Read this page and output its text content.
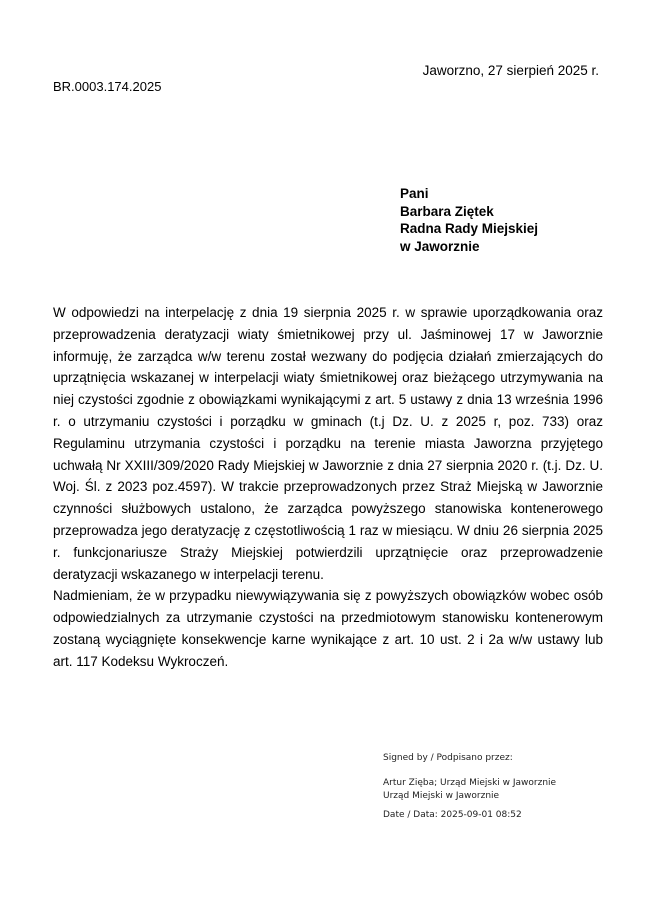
Jaworzno, 27 sierpień 2025 r.
BR.0003.174.2025
Pani
Barbara Ziętek
Radna Rady Miejskiej
w Jaworznie

W odpowiedzi na interpelację z dnia 19 sierpnia 2025 r. w sprawie uporządkowania oraz przeprowadzenia deratyzacji wiaty śmietnikowej przy ul. Jaśminowej 17 w Jaworznie informuję, że zarządca w/w terenu został wezwany do podjęcia działań zmierzających do uprzątnięcia wskazanej w interpelacji wiaty śmietnikowej oraz bieżącego utrzymywania na niej czystości zgodnie z obowiązkami wynikającymi z art. 5 ustawy z dnia 13 września 1996 r. o utrzymaniu czystości i porządku w gminach (t.j Dz. U. z 2025 r, poz. 733) oraz Regulaminu utrzymania czystości i porządku na terenie miasta Jaworzna przyjętego uchwałą Nr XXIII/309/2020 Rady Miejskiej w Jaworznie z dnia 27 sierpnia 2020 r. (t.j. Dz. U. Woj. Śl. z 2023 poz.4597). W trakcie przeprowadzonych przez Straż Miejską w Jaworznie czynności służbowych ustalono, że zarządca powyższego stanowiska kontenerowego przeprowadza jego deratyzację z częstotliwością 1 raz w miesiącu. W dniu 26 sierpnia 2025 r. funkcjonariusze Straży Miejskiej potwierdzili uprzątnięcie oraz przeprowadzenie deratyzacji wskazanego w interpelacji terenu.

Nadmieniam, że w przypadku niewywiązywania się z powyższych obowiązków wobec osób odpowiedzialnych za utrzymanie czystości na przedmiotowym stanowisku kontenerowym zostaną wyciągnięte konsekwencje karne wynikające z art. 10 ust. 2 i 2a w/w ustawy lub art. 117 Kodeksu Wykroczeń.

Signed by / Podpisano przez:
Artur Zięba; Urząd Miejski w Jaworznie
Urząd Miejski w Jaworznie
Date / Data: 2025-09-01 08:52
